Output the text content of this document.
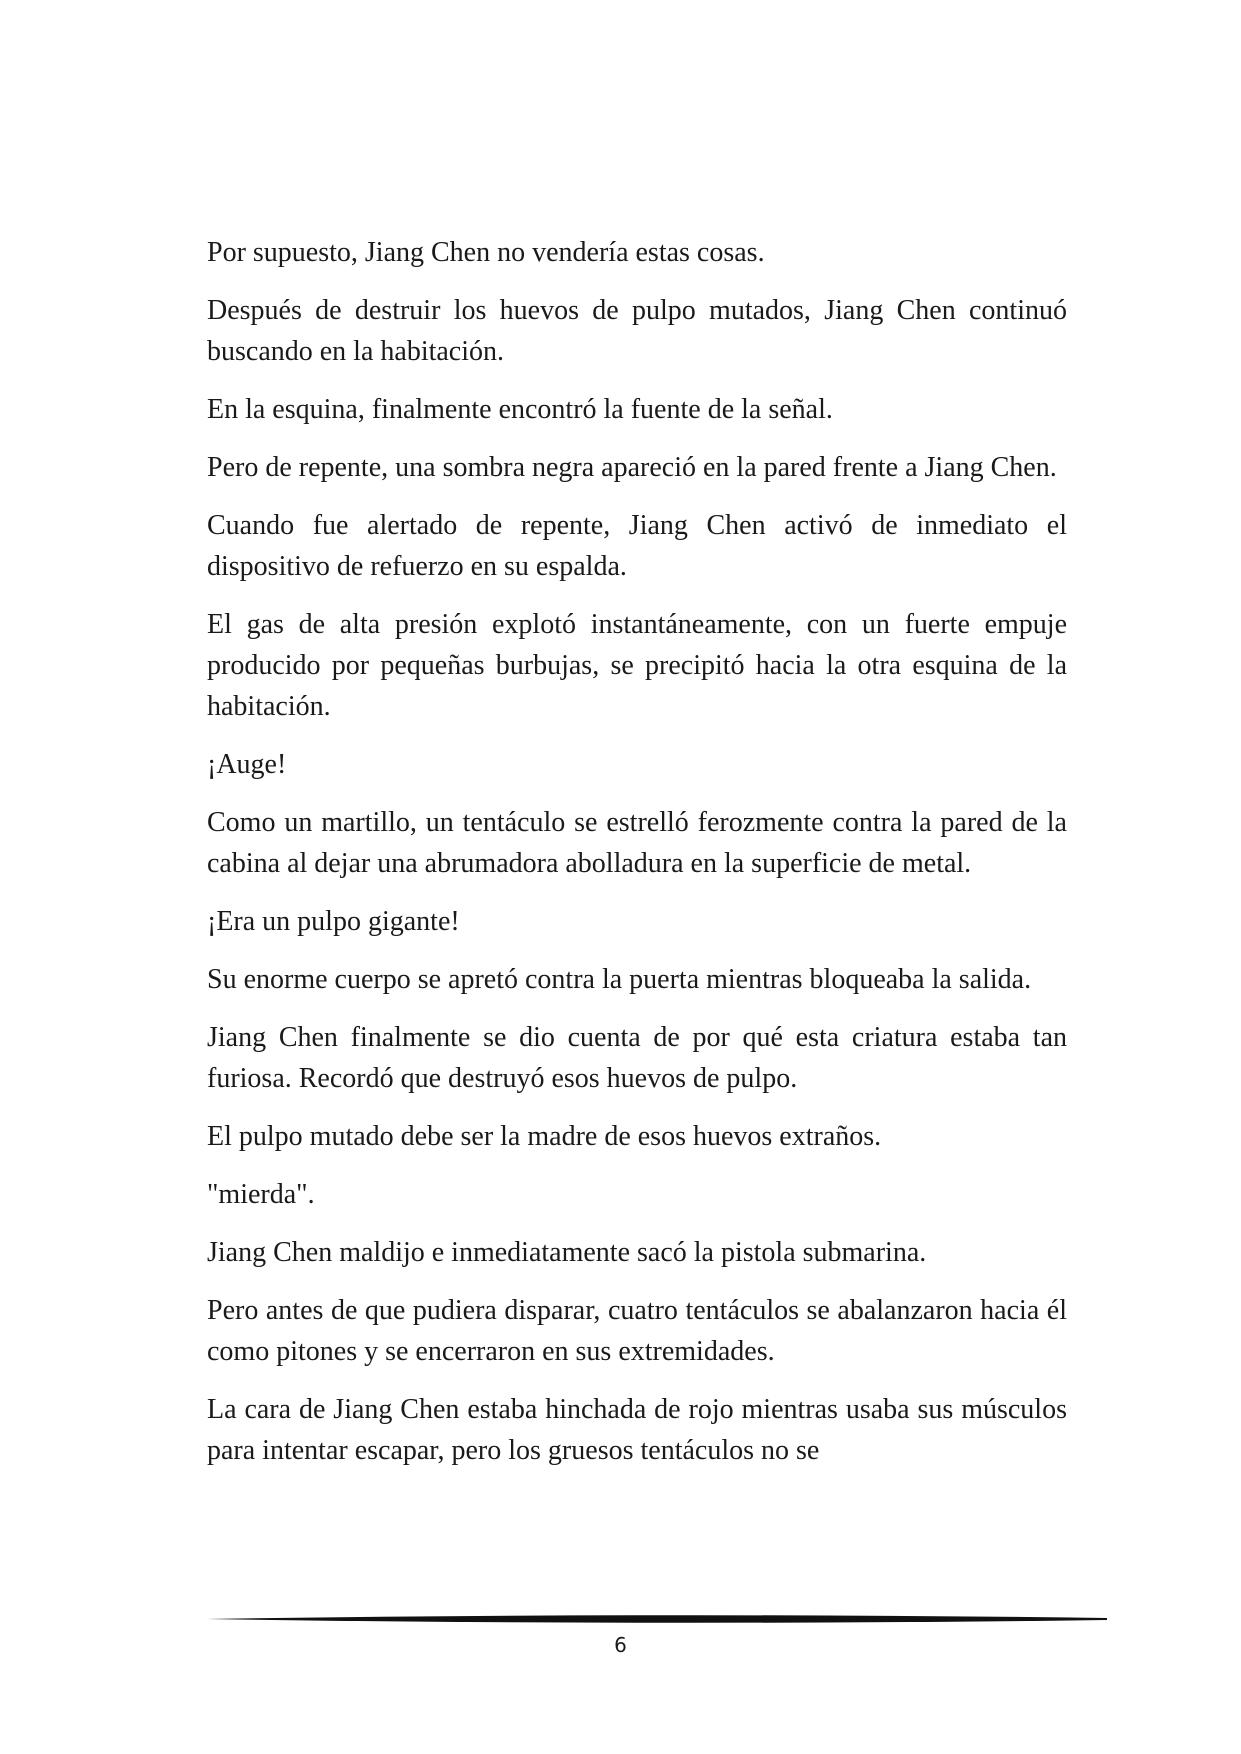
Por supuesto, Jiang Chen no vendería estas cosas.

Después de destruir los huevos de pulpo mutados, Jiang Chen continuó buscando en la habitación.

En la esquina, finalmente encontró la fuente de la señal.

Pero de repente, una sombra negra apareció en la pared frente a Jiang Chen.

Cuando fue alertado de repente, Jiang Chen activó de inmediato el dispositivo de refuerzo en su espalda.

El gas de alta presión explotó instantáneamente, con un fuerte empuje producido por pequeñas burbujas, se precipitó hacia la otra esquina de la habitación.

¡Auge!

Como un martillo, un tentáculo se estrelló ferozmente contra la pared de la cabina al dejar una abrumadora abolladura en la superficie de metal.

¡Era un pulpo gigante!

Su enorme cuerpo se apretó contra la puerta mientras bloqueaba la salida.

Jiang Chen finalmente se dio cuenta de por qué esta criatura estaba tan furiosa. Recordó que destruyó esos huevos de pulpo.

El pulpo mutado debe ser la madre de esos huevos extraños.

"mierda".

Jiang Chen maldijo e inmediatamente sacó la pistola submarina.

Pero antes de que pudiera disparar, cuatro tentáculos se abalanzaron hacia él como pitones y se encerraron en sus extremidades.

La cara de Jiang Chen estaba hinchada de rojo mientras usaba sus músculos para intentar escapar, pero los gruesos tentáculos no se

6
